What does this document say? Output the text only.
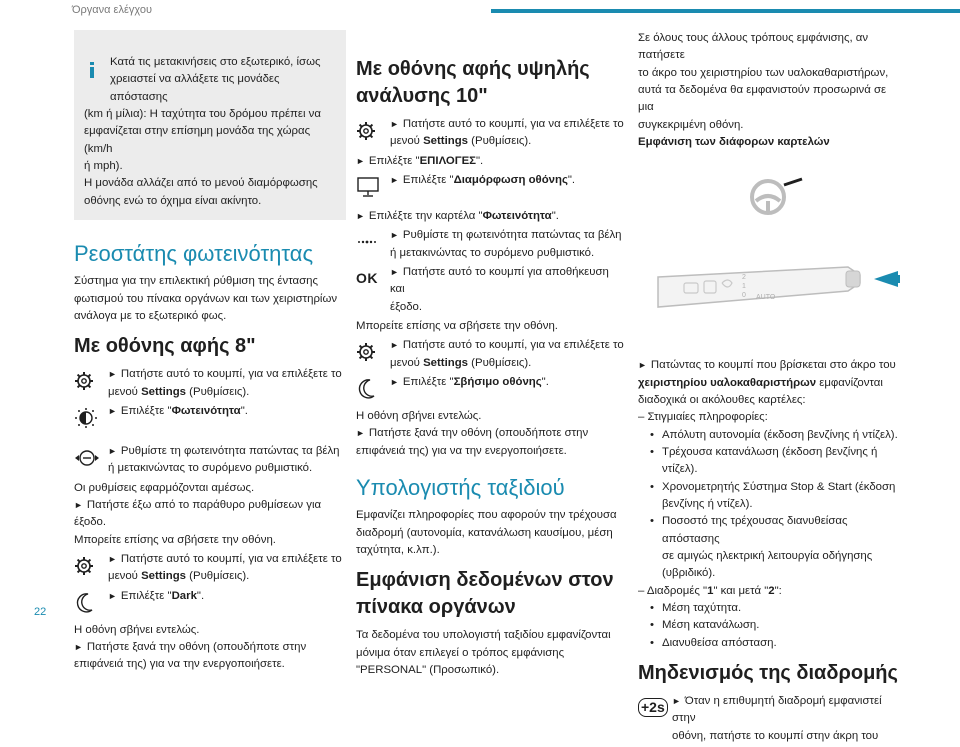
Όργανα ελέγχου
22

Κατά τις μετακινήσεις στο εξωτερικό, ίσως

χρειαστεί να αλλάξετε τις μονάδες απόστασης

(km ή μίλια): Η ταχύτητα του δρόμου πρέπει να

εμφανίζεται στην επίσημη μονάδα της χώρας (km/h

ή mph).

Η μονάδα αλλάζει από το μενού διαμόρφωσης

οθόνης ενώ το όχημα είναι ακίνητο.

Ρεοστάτης φωτεινότητας

Σύστημα για την επιλεκτική ρύθμιση της έντασης

φωτισμού του πίνακα οργάνων και των χειριστηρίων

ανάλογα με το εξωτερικό φως.

Με οθόνης αφής 8"

► Πατήστε αυτό το κουμπί, για να επιλέξετε το

μενού Settings (Ρυθμίσεις).

► Επιλέξτε "Φωτεινότητα".

► Ρυθμίστε τη φωτεινότητα πατώντας τα βέλη

ή μετακινώντας το συρόμενο ρυθμιστικό.

Οι ρυθμίσεις εφαρμόζονται αμέσως.

► Πατήστε έξω από το παράθυρο ρυθμίσεων για

έξοδο.

Μπορείτε επίσης να σβήσετε την οθόνη.

► Πατήστε αυτό το κουμπί, για να επιλέξετε το

μενού Settings (Ρυθμίσεις).

► Επιλέξτε "Dark".

Η οθόνη σβήνει εντελώς.

► Πατήστε ξανά την οθόνη (οπουδήποτε στην

επιφάνειά της) για να την ενεργοποιήσετε.

Με οθόνης αφής υψηλής
ανάλυσης 10"

► Πατήστε αυτό το κουμπί, για να επιλέξετε το

μενού Settings (Ρυθμίσεις).

► Επιλέξτε "ΕΠΙΛΟΓΕΣ".

► Επιλέξτε "Διαμόρφωση οθόνης".

► Επιλέξτε την καρτέλα "Φωτεινότητα".

► Ρυθμίστε τη φωτεινότητα πατώντας τα βέλη

ή μετακινώντας το συρόμενο ρυθμιστικό.

OK ► Πατήστε αυτό το κουμπί για αποθήκευση και

έξοδο.

Μπορείτε επίσης να σβήσετε την οθόνη.

► Πατήστε αυτό το κουμπί, για να επιλέξετε το

μενού Settings (Ρυθμίσεις).

► Επιλέξτε "Σβήσιμο οθόνης".

Η οθόνη σβήνει εντελώς.

► Πατήστε ξανά την οθόνη (οπουδήποτε στην

επιφάνειά της) για να την ενεργοποιήσετε.

Υπολογιστής ταξιδιού

Εμφανίζει πληροφορίες που αφορούν την τρέχουσα

διαδρομή (αυτονομία, κατανάλωση καυσίμου, μέση

ταχύτητα, κ.λπ.).

Εμφάνιση δεδομένων στον
πίνακα οργάνων

Τα δεδομένα του υπολογιστή ταξιδίου εμφανίζονται

μόνιμα όταν επιλεγεί ο τρόπος εμφάνισης

"PERSONAL" (Προσωπικό).

Σε όλους τους άλλους τρόπους εμφάνισης, αν πατήσετε

το άκρο του χειριστηρίου των υαλοκαθαριστήρων,

αυτά τα δεδομένα θα εμφανιστούν προσωρινά σε μια

συγκεκριμένη οθόνη.

Εμφάνιση των διάφορων καρτελών

2
1
0 AUTO

► Πατώντας το κουμπί που βρίσκεται στο άκρο του

χειριστηρίου υαλοκαθαριστήρων εμφανίζονται

διαδοχικά οι ακόλουθες καρτέλες:

– Στιγμιαίες πληροφορίες:

• Απόλυτη αυτονομία (έκδοση βενζίνης ή ντίζελ).
• Τρέχουσα κατανάλωση (έκδοση βενζίνης ή ντίζελ).
• Χρονομετρητής Σύστημα Stop & Start (έκδοση
βενζίνης ή ντίζελ).
• Ποσοστό της τρέχουσας διανυθείσας απόστασης
σε αμιγώς ηλεκτρική λειτουργία οδήγησης
(υβριδικό).

– Διαδρομές "1" και μετά "2":

• Μέση ταχύτητα.
• Μέση κατανάλωση.
• Διανυθείσα απόσταση.
Μηδενισμός της διαδρομής
+2s ► Όταν η επιθυμητή διαδρομή εμφανιστεί στην

οθόνη, πατήστε το κουμπί στην άκρη του
